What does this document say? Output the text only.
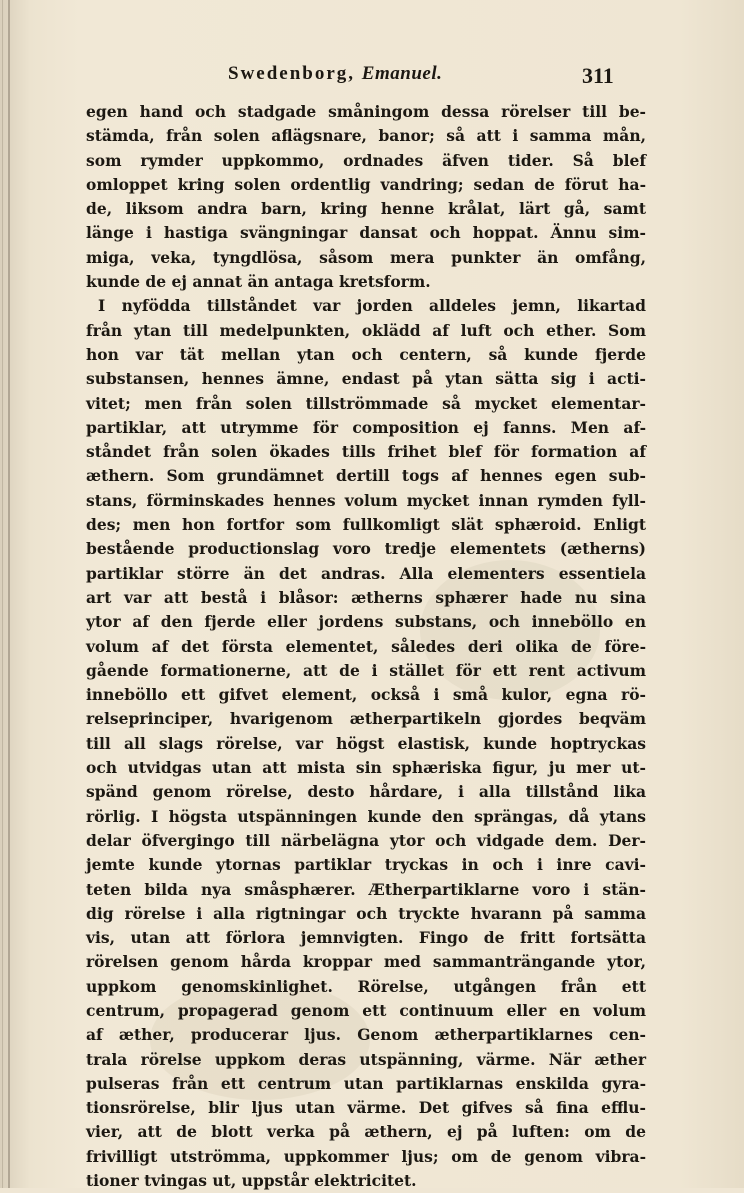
Swedenborg, Emanuel.	311
egen hand och stadgade småningom dessa rörelser till be-
stämda, från solen aflägsnare, banor; så att i samma mån,
som rymder uppkommo, ordnades äfven tider. Så blef
omloppet kring solen ordentlig vandring; sedan de förut ha-
de, liksom andra barn, kring henne krålat, lärt gå, samt
länge i hastiga svängningar dansat och hoppat. Ännu sim-
miga, veka, tyngdlösa, såsom mera punkter än omfång,
kunde de ej annat än antaga kretsform.
I nyfödda tillståndet var jorden alldeles jemn, likartad
från ytan till medelpunkten, oklädd af luft och ether. Som
hon var tät mellan ytan och centern, så kunde fjerde
substansen, hennes ämne, endast på ytan sätta sig i acti-
vitet; men från solen tillströmmade så mycket elementar-
partiklar, att utrymme för composition ej fanns. Men af-
ståndet från solen ökades tills frihet blef för formation af
æthern. Som grundämnet dertill togs af hennes egen sub-
stans, förminskades hennes volum mycket innan rymden fyll-
des; men hon fortfor som fullkomligt slät sphæroid. Enligt
bestående productionslag voro tredje elementets (ætherns)
partiklar större än det andras. Alla elementers essentiela
art var att bestå i blåsor: ætherns sphærer hade nu sina
ytor af den fjerde eller jordens substans, och inneböllo en
volum af det första elementet, således deri olika de före-
gående formationerne, att de i stället för ett rent activum
inneböllo ett gifvet element, också i små kulor, egna rö-
relseprinciper, hvarigenom ætherpartikeln gjordes beqväm
till all slags rörelse, var högst elastisk, kunde hoptryckas
och utvidgas utan att mista sin sphæriska figur, ju mer ut-
spänd genom rörelse, desto hårdare, i alla tillstånd lika
rörlig. I högsta utspänningen kunde den sprängas, då ytans
delar öfvergingo till närbelägna ytor och vidgade dem. Der-
jemte kunde ytornas partiklar tryckas in och i inre cavi-
teten bilda nya småsphærer. Ætherpartiklarne voro i stän-
dig rörelse i alla rigtningar och tryckte hvarann på samma
vis, utan att förlora jemnvigten. Fingo de fritt fortsätta
rörelsen genom hårda kroppar med sammanträngande ytor,
uppkom genomskinlighet. Rörelse, utgången från ett
centrum, propagerad genom ett continuum eller en volum
af æther, producerar ljus. Genom ætherpartiklarnes cen-
trala rörelse uppkom deras utspänning, värme. När æther
pulseras från ett centrum utan partiklarnas enskilda gyra-
tionsrörelse, blir ljus utan värme. Det gifves så fina efflu-
vier, att de blott verka på æthern, ej på luften: om de
frivilligt utströmma, uppkommer ljus; om de genom vibra-
tioner tvingas ut, uppstår elektricitet.
